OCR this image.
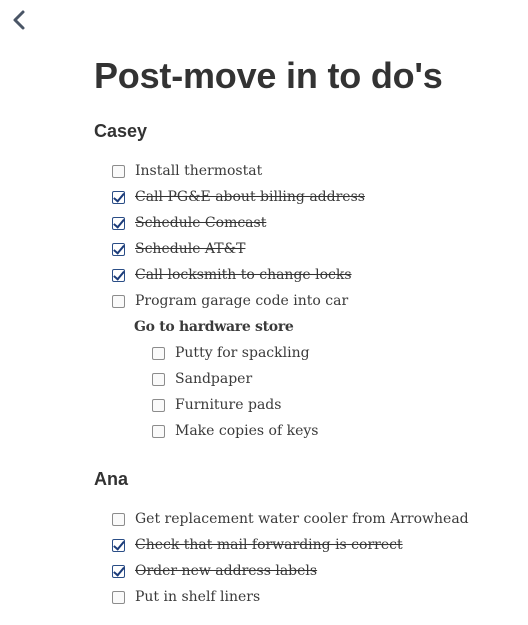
Post-move in to do's
Casey
Install thermostat
Call PG&E about billing address
Schedule Comcast
Schedule AT&T
Call locksmith to change locks
Program garage code into car
Go to hardware store
Putty for spackling
Sandpaper
Furniture pads
Make copies of keys
Ana
Get replacement water cooler from Arrowhead
Check that mail forwarding is correct
Order new address labels
Put in shelf liners
